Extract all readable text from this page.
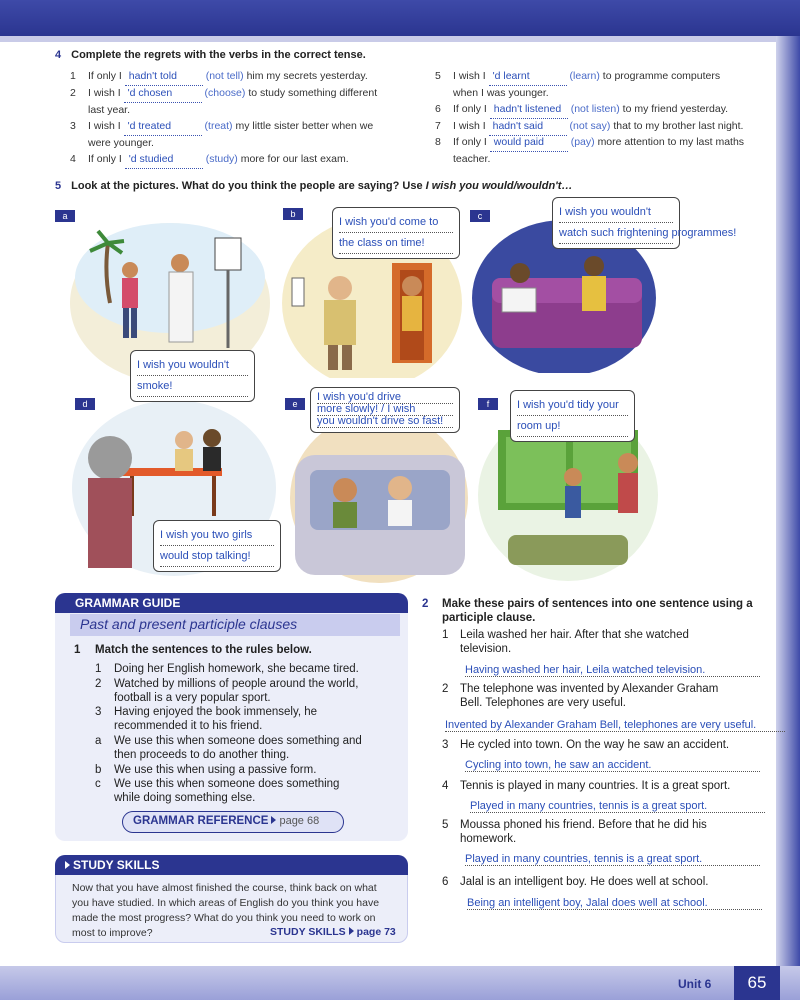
4 Complete the regrets with the verbs in the correct tense.
1 If only I hadn't told	(not tell) him my secrets yesterday.
2 I wish I 'd chosen	(choose) to study something different
last year.
3 I wish I 'd treated	(treat) my little sister better when we
were younger.
4 If only I 'd studied	(study) more for our last exam.
5 I wish I 'd learnt	(learn) to programme computers
when I was younger.
6 If only I hadn't listened (not listen) to my friend yesterday.
7 I wish I hadn't said	(not say) that to my brother last night.
8 If only I would paid	(pay) more attention to my last maths
teacher.
5 Look at the pictures. What do you think the people are saying? Use I wish you would/wouldn't…
a	b	c
d	e	f
I wish you wouldn't
smoke!
I wish you'd come to
the class on time!
I wish you wouldn't
watch such frightening programmes!
I wish you two girls
would stop talking!
I wish you'd drive
more slowly! / I wish
you wouldn't drive so fast!
I wish you'd tidy your
room up!
GRAMMAR GUIDE
Past and present participle clauses
1 Match the sentences to the rules below.
1 Doing her English homework, she became tired.
2 Watched by millions of people around the world,
football is a very popular sport.
3 Having enjoyed the book immensely, he
recommended it to his friend.
a We use this when someone does something and
then proceeds to do another thing.
b We use this when using a passive form.
c We use this when someone does something
while doing something else.
GRAMMAR REFERENCE page 68
STUDY SKILLS
Now that you have almost finished the course, think back on what
you have studied. In which areas of English do you think you have
made the most progress? What do you think you need to work on
most to improve?	STUDY SKILLS page 73
2 Make these pairs of sentences into one sentence using a
participle clause.
1 Leila washed her hair. After that she watched
television.
Having washed her hair, Leila watched television.
2 The telephone was invented by Alexander Graham
Bell. Telephones are very useful.
Invented by Alexander Graham Bell, telephones are very useful.
3 He cycled into town. On the way he saw an accident.
Cycling into town, he saw an accident.
4 Tennis is played in many countries. It is a great sport.
Played in many countries, tennis is a great sport.
5 Moussa phoned his friend. Before that he did his
homework.
Played in many countries, tennis is a great sport.
6 Jalal is an intelligent boy. He does well at school.
Being an intelligent boy, Jalal does well at school.
Unit 6	65
